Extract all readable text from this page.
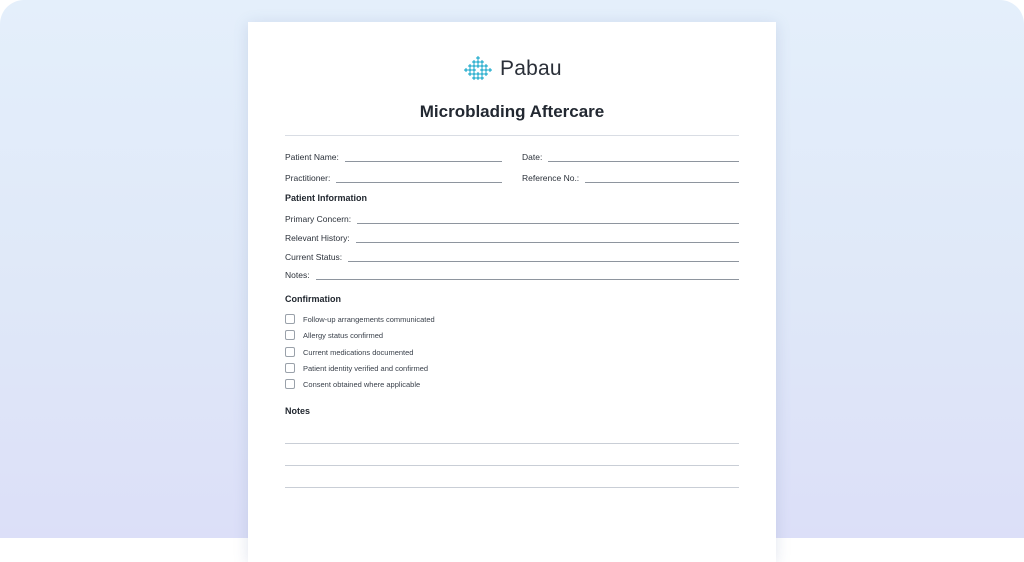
Pabau
Microblading Aftercare
Patient Name:	Date:
Practitioner:	Reference No.:
Patient Information
Primary Concern:
Relevant History:
Current Status:
Notes:
Confirmation
Follow-up arrangements communicated
Allergy status confirmed
Current medications documented
Patient identity verified and confirmed
Consent obtained where applicable
Notes
